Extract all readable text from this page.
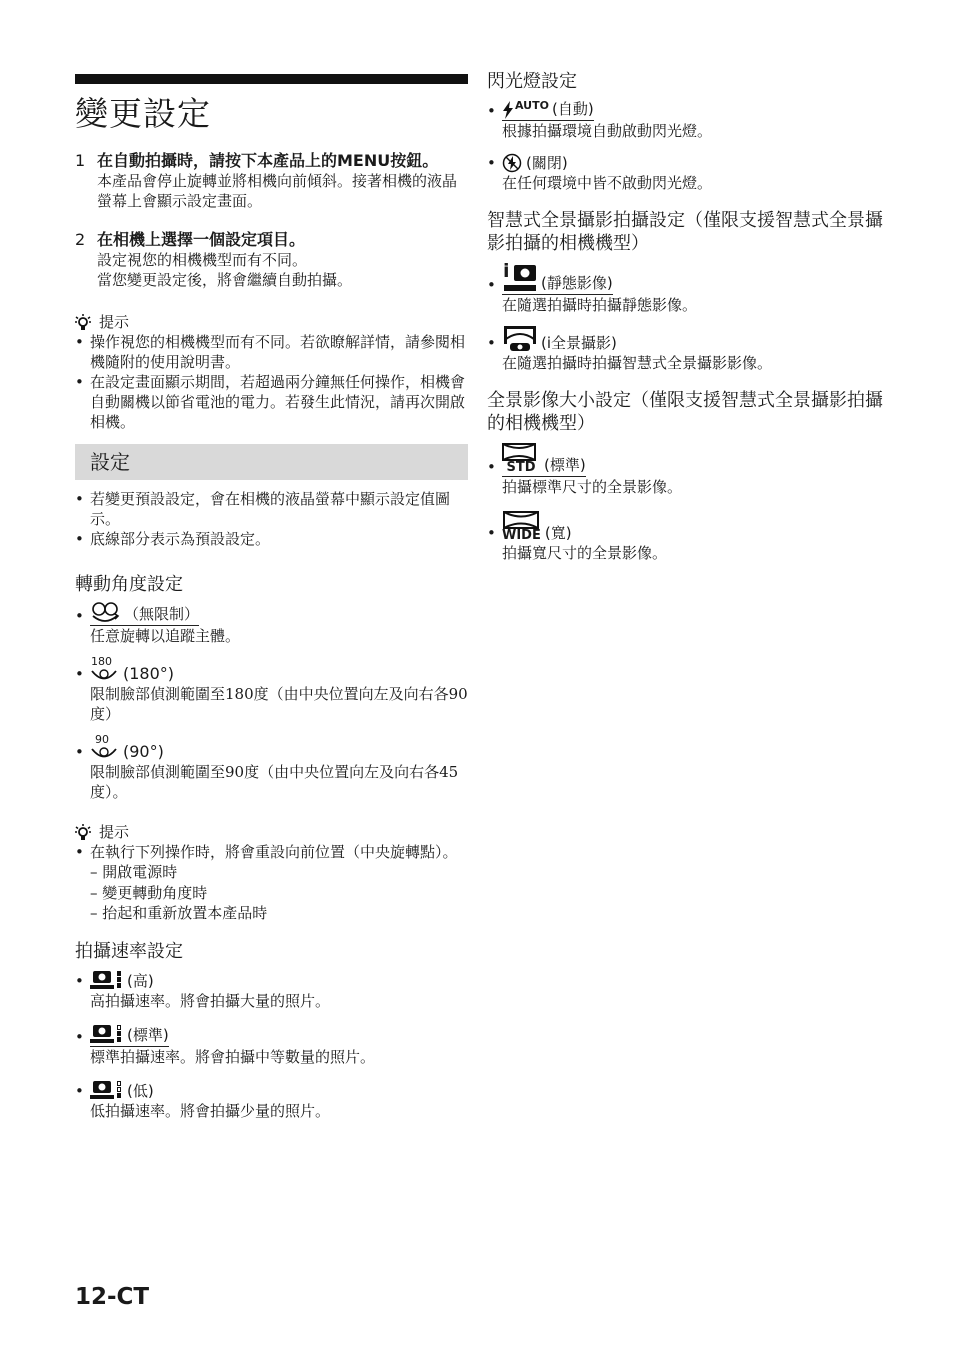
變更設定
1 在自動拍攝時，請按下本產品上的MENU按鈕。
本產品會停止旋轉並將相機向前傾斜。接著相機的液晶螢幕上會顯示設定畫面。
2 在相機上選擇一個設定項目。
設定視您的相機機型而有不同。
當您變更設定後，將會繼續自動拍攝。
提示
• 操作視您的相機機型而有不同。若欲瞭解詳情，請參閱相機隨附的使用說明書。
• 在設定畫面顯示期間，若超過兩分鐘無任何操作，相機會自動關機以節省電池的電力。若發生此情況，請再次開啟相機。
設定
• 若變更預設設定，會在相機的液晶螢幕中顯示設定值圖示。
• 底線部分表示為預設設定。
轉動角度設定
•	（無限制）
任意旋轉以追蹤主體。
•
180
(180°)
限制臉部偵測範圍至180度（由中央位置向左及向右各90度）
•
90
(90°)
限制臉部偵測範圍至90度（由中央位置向左及向右各45度）。
提示
• 在執行下列操作時，將會重設向前位置（中央旋轉點）。
– 開啟電源時
– 變更轉動角度時
– 抬起和重新放置本產品時
拍攝速率設定
•	(高)
高拍攝速率。將會拍攝大量的照片。
•	(標準)
標準拍攝速率。將會拍攝中等數量的照片。
•	(低)
低拍攝速率。將會拍攝少量的照片。
閃光燈設定
•	AUTO (自動)
根據拍攝環境自動啟動閃光燈。
•	(關閉)
在任何環境中皆不啟動閃光燈。
智慧式全景攝影拍攝設定（僅限支援智慧式全景攝影拍攝的相機機型）
•
i
(靜態影像)
在隨選拍攝時拍攝靜態影像。
•	(i全景攝影)
在隨選拍攝時拍攝智慧式全景攝影影像。
全景影像大小設定（僅限支援智慧式全景攝影拍攝的相機機型）
• STD (標準)
拍攝標準尺寸的全景影像。
• WIDE (寬)
拍攝寬尺寸的全景影像。
12-CT
